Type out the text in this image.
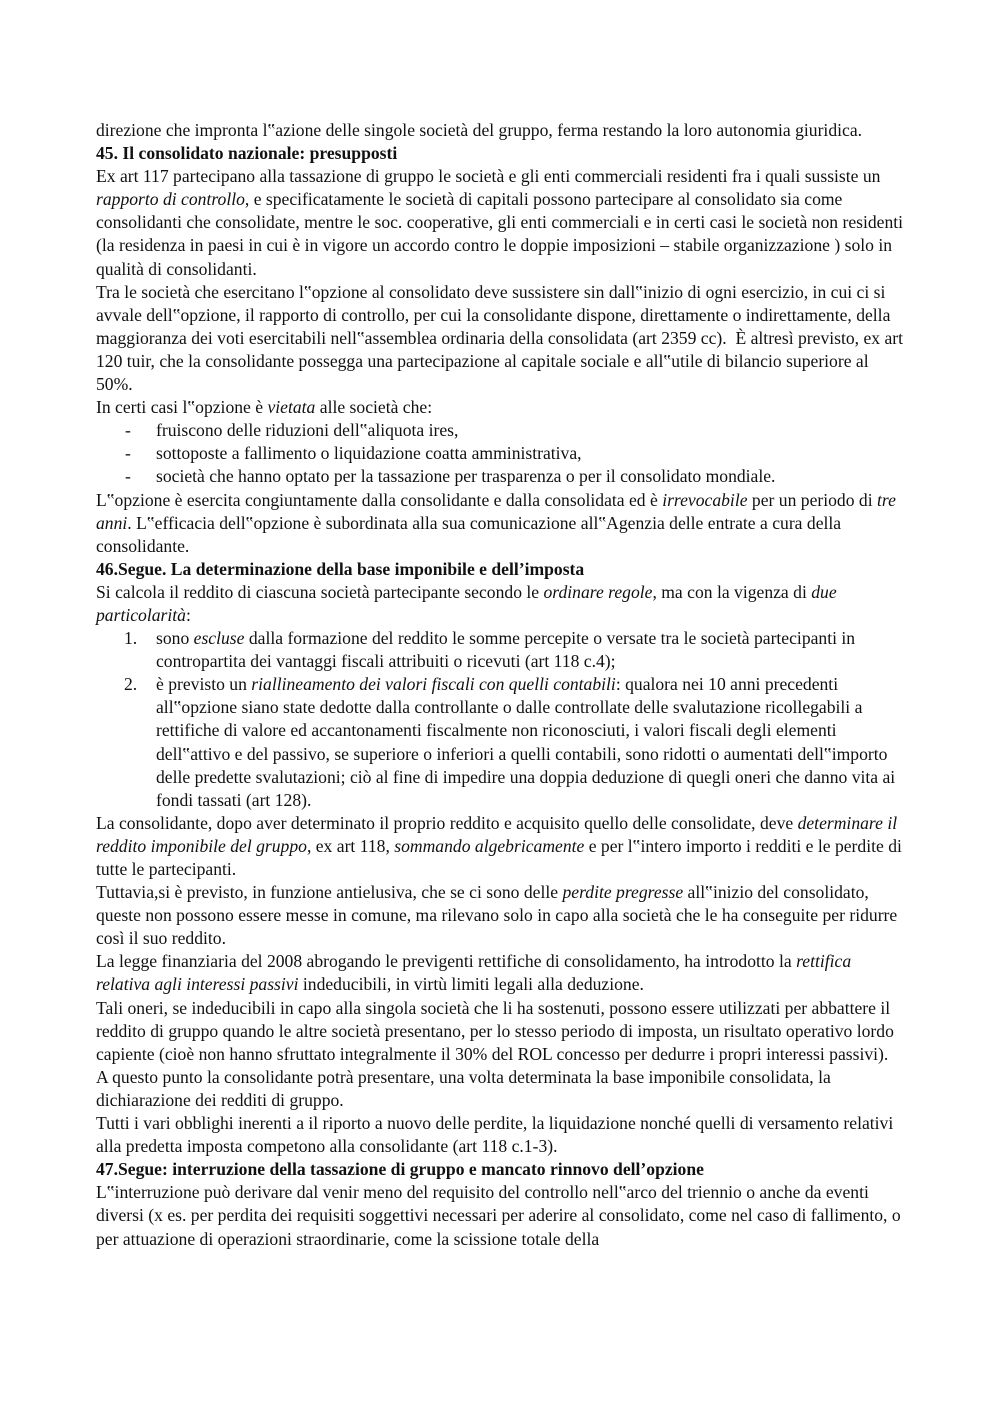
direzione che impronta l‟azione delle singole società del gruppo, ferma restando la loro autonomia giuridica.

45. Il consolidato nazionale: presupposti

Ex art 117 partecipano alla tassazione di gruppo le società e gli enti commerciali residenti fra i quali sussiste un rapporto di controllo, e specificatamente le società di capitali possono partecipare al consolidato sia come consolidanti che consolidate, mentre le soc. cooperative, gli enti commerciali e in certi casi le società non residenti (la residenza in paesi in cui è in vigore un accordo contro le doppie imposizioni – stabile organizzazione ) solo in qualità di consolidanti.

Tra le società che esercitano l‟opzione al consolidato deve sussistere sin dall‟inizio di ogni esercizio, in cui ci si avvale dell‟opzione, il rapporto di controllo, per cui la consolidante dispone, direttamente o indirettamente, della maggioranza dei voti esercitabili nell‟assemblea ordinaria della consolidata (art 2359 cc).  È altresì previsto, ex art 120 tuir, che la consolidante possegga una partecipazione al capitale sociale e all‟utile di bilancio superiore al 50%.

In certi casi l‟opzione è vietata alle società che:

- fruiscono delle riduzioni dell‟aliquota ires,
- sottoposte a fallimento o liquidazione coatta amministrativa,
- società che hanno optato per la tassazione per trasparenza o per il consolidato mondiale.

L‟opzione è esercita congiuntamente dalla consolidante e dalla consolidata ed è irrevocabile per un periodo di tre anni. L‟efficacia dell‟opzione è subordinata alla sua comunicazione all‟Agenzia delle entrate a cura della consolidante.

46.Segue. La determinazione della base imponibile e dell’imposta

Si calcola il reddito di ciascuna società partecipante secondo le ordinare regole, ma con la vigenza di due particolarità:

1. sono escluse dalla formazione del reddito le somme percepite o versate tra le società partecipanti in contropartita dei vantaggi fiscali attribuiti o ricevuti (art 118 c.4);
2. è previsto un riallineamento dei valori fiscali con quelli contabili: qualora nei 10 anni precedenti all‟opzione siano state dedotte dalla controllante o dalle controllate delle svalutazione ricollegabili a rettifiche di valore ed accantonamenti fiscalmente non riconosciuti, i valori fiscali degli elementi dell‟attivo e del passivo, se superiore o inferiori a quelli contabili, sono ridotti o aumentati dell‟importo delle predette svalutazioni; ciò al fine di impedire una doppia deduzione di quegli oneri che danno vita ai fondi tassati (art 128).

La consolidante, dopo aver determinato il proprio reddito e acquisito quello delle consolidate, deve determinare il reddito imponibile del gruppo, ex art 118, sommando algebricamente e per l‟intero importo i redditi e le perdite di tutte le partecipanti.

Tuttavia,si è previsto, in funzione antielusiva, che se ci sono delle perdite pregresse all‟inizio del consolidato, queste non possono essere messe in comune, ma rilevano solo in capo alla società che le ha conseguite per ridurre così il suo reddito.

La legge finanziaria del 2008 abrogando le previgenti rettifiche di consolidamento, ha introdotto la rettifica relativa agli interessi passivi indeducibili, in virtù limiti legali alla deduzione.

Tali oneri, se indeducibili in capo alla singola società che li ha sostenuti, possono essere utilizzati per abbattere il reddito di gruppo quando le altre società presentano, per lo stesso periodo di imposta, un risultato operativo lordo capiente (cioè non hanno sfruttato integralmente il 30% del ROL concesso per dedurre i propri interessi passivi).

A questo punto la consolidante potrà presentare, una volta determinata la base imponibile consolidata, la dichiarazione dei redditi di gruppo.

Tutti i vari obblighi inerenti a il riporto a nuovo delle perdite, la liquidazione nonché quelli di versamento relativi alla predetta imposta competono alla consolidante (art 118 c.1-3).

47.Segue: interruzione della tassazione di gruppo e mancato rinnovo dell’opzione

L‟interruzione può derivare dal venir meno del requisito del controllo nell‟arco del triennio o anche da eventi diversi (x es. per perdita dei requisiti soggettivi necessari per aderire al consolidato, come nel caso di fallimento, o per attuazione di operazioni straordinarie, come la scissione totale della
